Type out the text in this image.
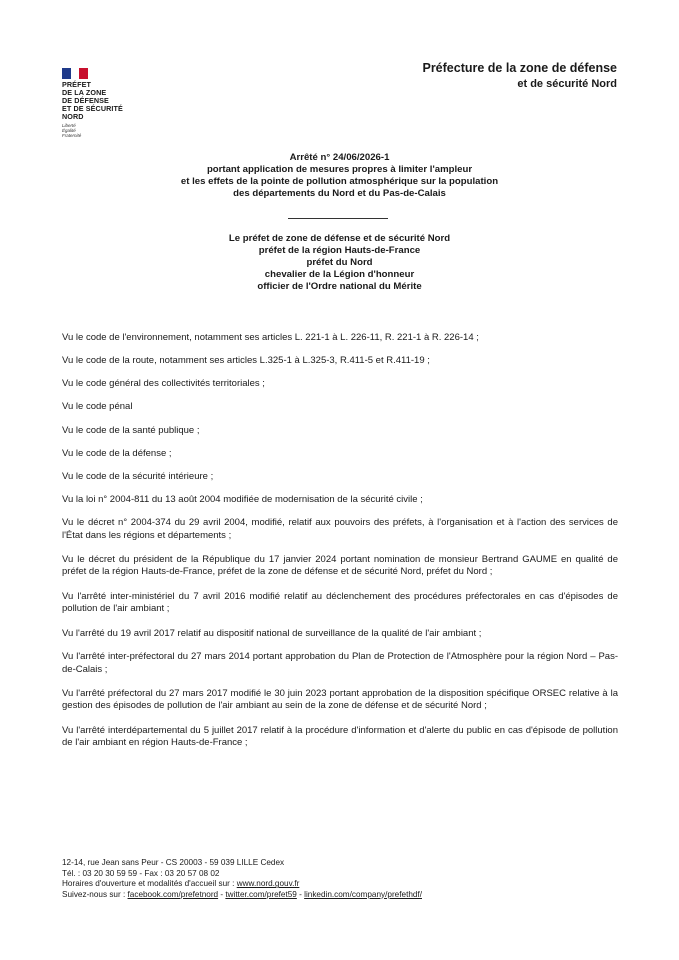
PRÉFET
DE LA ZONE
DE DÉFENSE
ET DE SÉCURITÉ
NORD
Liberté
Égalité
Fraternité
Préfecture de la zone de défense
et de sécurité Nord
Arrêté n° 24/06/2026-1
portant application de mesures propres à limiter l'ampleur
et les effets de la pointe de pollution atmosphérique sur la population
des départements du Nord et du Pas-de-Calais
Le préfet de zone de défense et de sécurité Nord
préfet de la région Hauts-de-France
préfet du Nord
chevalier de la Légion d'honneur
officier de l'Ordre national du Mérite

Vu le code de l'environnement, notamment ses articles L. 221-1 à L. 226-11, R. 221-1 à R. 226-14 ;

Vu le code de la route, notamment ses articles L.325-1 à L.325-3, R.411-5 et R.411-19 ;

Vu le code général des collectivités territoriales ;

Vu le code pénal

Vu le code de la santé publique ;

Vu le code de la défense ;

Vu le code de la sécurité intérieure ;

Vu la loi n° 2004-811 du 13 août 2004 modifiée de modernisation de la sécurité civile ;

Vu le décret n° 2004-374 du 29 avril 2004, modifié, relatif aux pouvoirs des préfets, à l'organisation et à l'action des services de l'État dans les régions et départements ;

Vu le décret du président de la République du 17 janvier 2024 portant nomination de monsieur Bertrand GAUME en qualité de préfet de la région Hauts-de-France, préfet de la zone de défense et de sécurité Nord, préfet du Nord ;

Vu l'arrêté inter-ministériel du 7 avril 2016 modifié relatif au déclenchement des procédures préfectorales en cas d'épisodes de pollution de l'air ambiant ;

Vu l'arrêté du 19 avril 2017 relatif au dispositif national de surveillance de la qualité de l'air ambiant ;

Vu l'arrêté inter-préfectoral du 27 mars 2014 portant approbation du Plan de Protection de l'Atmosphère pour la région Nord – Pas-de-Calais ;

Vu l'arrêté préfectoral du 27 mars 2017 modifié le 30 juin 2023 portant approbation de la disposition spécifique ORSEC relative à la gestion des épisodes de pollution de l'air ambiant au sein de la zone de défense et de sécurité Nord ;

Vu l'arrêté interdépartemental du 5 juillet 2017 relatif à la procédure d'information et d'alerte du public en cas d'épisode de pollution de l'air ambiant en région Hauts-de-France ;

12-14, rue Jean sans Peur - CS 20003 - 59 039 LILLE Cedex
Tél. : 03 20 30 59 59 - Fax : 03 20 57 08 02
Horaires d'ouverture et modalités d'accueil sur : www.nord.gouv.fr
Suivez-nous sur : facebook.com/prefetnord - twitter.com/prefet59 - linkedin.com/company/prefethdf/
